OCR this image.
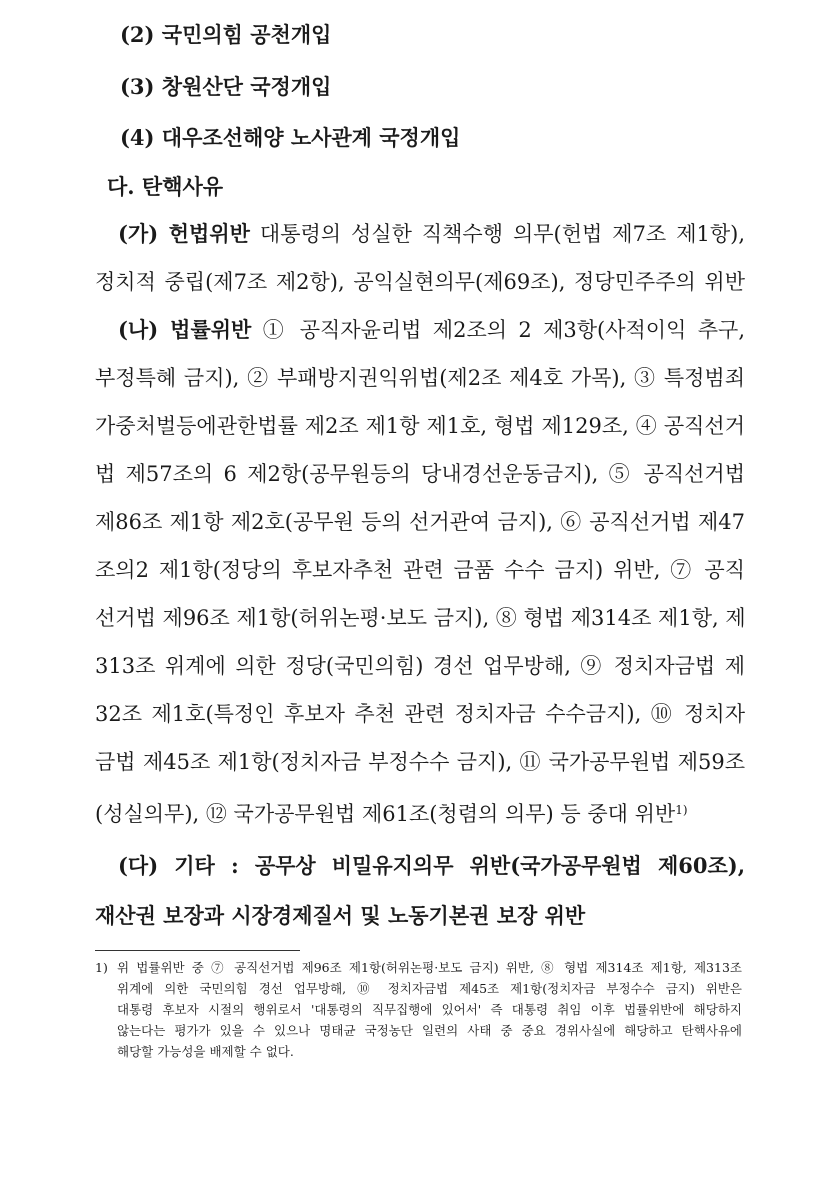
(2) 국민의힘 공천개입
(3) 창원산단 국정개입
(4) 대우조선해양 노사관계 국정개입
다. 탄핵사유
(가) 헌법위반 대통령의 성실한 직책수행 의무(헌법 제7조 제1항),
정치적 중립(제7조 제2항), 공익실현의무(제69조), 정당민주주의 위반
(나) 법률위반 ① 공직자윤리법 제2조의 2 제3항(사적이익 추구,
부정특혜 금지), ② 부패방지권익위법(제2조 제4호 가목), ③ 특정범죄
가중처벌등에관한법률 제2조 제1항 제1호, 형법 제129조, ④ 공직선거
법 제57조의 6 제2항(공무원등의 당내경선운동금지), ⑤ 공직선거법
제86조 제1항 제2호(공무원 등의 선거관여 금지), ⑥ 공직선거법 제47
조의2 제1항(정당의 후보자추천 관련 금품 수수 금지) 위반, ⑦ 공직
선거법 제96조 제1항(허위논평·보도 금지), ⑧ 형법 제314조 제1항, 제
313조 위계에 의한 정당(국민의힘) 경선 업무방해, ⑨ 정치자금법 제
32조 제1호(특정인 후보자 추천 관련 정치자금 수수금지), ⑩ 정치자
금법 제45조 제1항(정치자금 부정수수 금지), ⑪ 국가공무원법 제59조
(성실의무), ⑫ 국가공무원법 제61조(청렴의 의무) 등 중대 위반$^{1)}$
(다) 기타 : 공무상 비밀유지의무 위반(국가공무원법 제60조),
재산권 보장과 시장경제질서 및 노동기본권 보장 위반
1) 위 법률위반 중 ⑦ 공직선거법 제96조 제1항(허위논평·보도 금지) 위반, ⑧ 형법 제314조 제1항, 제313조
위계에 의한 국민의힘 경선 업무방해, ⑩ 정치자금법 제45조 제1항(정치자금 부정수수 금지) 위반은
대통령 후보자 시절의 행위로서 '대통령의 직무집행에 있어서' 즉 대통령 취임 이후 법률위반에 해당하지
않는다는 평가가 있을 수 있으나 명태균 국정농단 일련의 사태 중 중요 경위사실에 해당하고 탄핵사유에
해당할 가능성을 배제할 수 없다.
